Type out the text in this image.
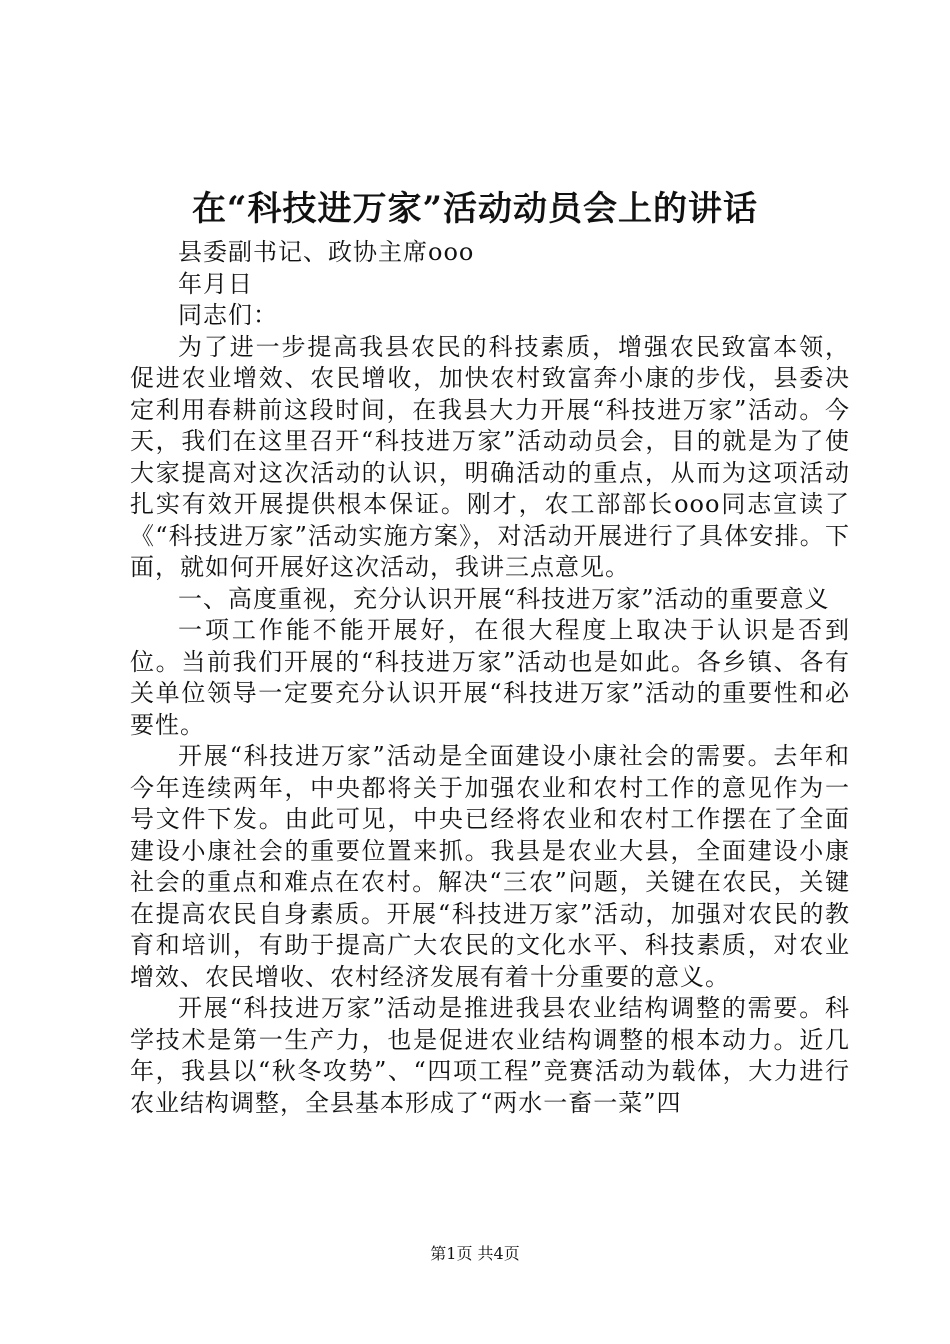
在“科技进万家”活动动员会上的讲话

县委副书记、政协主席ooo

年月日

同志们：

为了进一步提高我县农民的科技素质，增强农民致富本领，促进农业增效、农民增收，加快农村致富奔小康的步伐，县委决定利用春耕前这段时间，在我县大力开展“科技进万家”活动。今天，我们在这里召开“科技进万家”活动动员会，目的就是为了使大家提高对这次活动的认识，明确活动的重点，从而为这项活动扎实有效开展提供根本保证。刚才，农工部部长ooo同志宣读了《“科技进万家”活动实施方案》，对活动开展进行了具体安排。下面，就如何开展好这次活动，我讲三点意见。

一、高度重视，充分认识开展“科技进万家”活动的重要意义

一项工作能不能开展好，在很大程度上取决于认识是否到位。当前我们开展的“科技进万家”活动也是如此。各乡镇、各有关单位领导一定要充分认识开展“科技进万家”活动的重要性和必要性。

开展“科技进万家”活动是全面建设小康社会的需要。去年和今年连续两年，中央都将关于加强农业和农村工作的意见作为一号文件下发。由此可见，中央已经将农业和农村工作摆在了全面建设小康社会的重要位置来抓。我县是农业大县，全面建设小康社会的重点和难点在农村。解决“三农”问题，关键在农民，关键在提高农民自身素质。开展“科技进万家”活动，加强对农民的教育和培训，有助于提高广大农民的文化水平、科技素质，对农业增效、农民增收、农村经济发展有着十分重要的意义。

开展“科技进万家”活动是推进我县农业结构调整的需要。科学技术是第一生产力，也是促进农业结构调整的根本动力。近几年，我县以“秋冬攻势”、“四项工程”竞赛活动为载体，大力进行农业结构调整，全县基本形成了“两水一畜一菜”四

第1页 共4页
